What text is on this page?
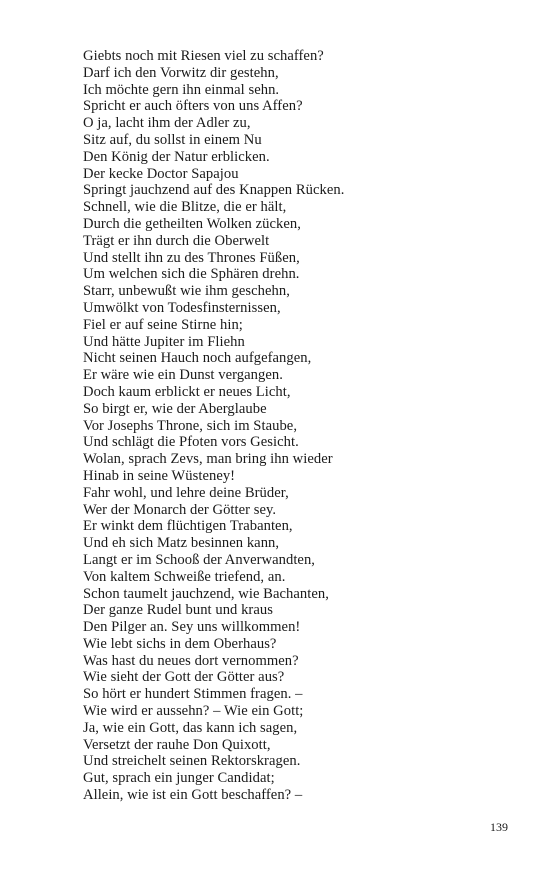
Giebts noch mit Riesen viel zu schaffen?
Darf ich den Vorwitz dir gestehn,
Ich möchte gern ihn einmal sehn.
Spricht er auch öfters von uns Affen?
O ja, lacht ihm der Adler zu,
Sitz auf, du sollst in einem Nu
Den König der Natur erblicken.
Der kecke Doctor Sapajou
Springt jauchzend auf des Knappen Rücken.
Schnell, wie die Blitze, die er hält,
Durch die getheilten Wolken zücken,
Trägt er ihn durch die Oberwelt
Und stellt ihn zu des Thrones Füßen,
Um welchen sich die Sphären drehn.
Starr, unbewußt wie ihm geschehn,
Umwölkt von Todesfinsternissen,
Fiel er auf seine Stirne hin;
Und hätte Jupiter im Fliehn
Nicht seinen Hauch noch aufgefangen,
Er wäre wie ein Dunst vergangen.
Doch kaum erblickt er neues Licht,
So birgt er, wie der Aberglaube
Vor Josephs Throne, sich im Staube,
Und schlägt die Pfoten vors Gesicht.
Wolan, sprach Zevs, man bring ihn wieder
Hinab in seine Wüsteney!
Fahr wohl, und lehre deine Brüder,
Wer der Monarch der Götter sey.
Er winkt dem flüchtigen Trabanten,
Und eh sich Matz besinnen kann,
Langt er im Schooß der Anverwandten,
Von kaltem Schweiße triefend, an.
Schon taumelt jauchzend, wie Bachanten,
Der ganze Rudel bunt und kraus
Den Pilger an. Sey uns willkommen!
Wie lebt sichs in dem Oberhaus?
Was hast du neues dort vernommen?
Wie sieht der Gott der Götter aus?
So hört er hundert Stimmen fragen. –
Wie wird er aussehn? – Wie ein Gott;
Ja, wie ein Gott, das kann ich sagen,
Versetzt der rauhe Don Quixott,
Und streichelt seinen Rektorskragen.
Gut, sprach ein junger Candidat;
Allein, wie ist ein Gott beschaffen? –
139
